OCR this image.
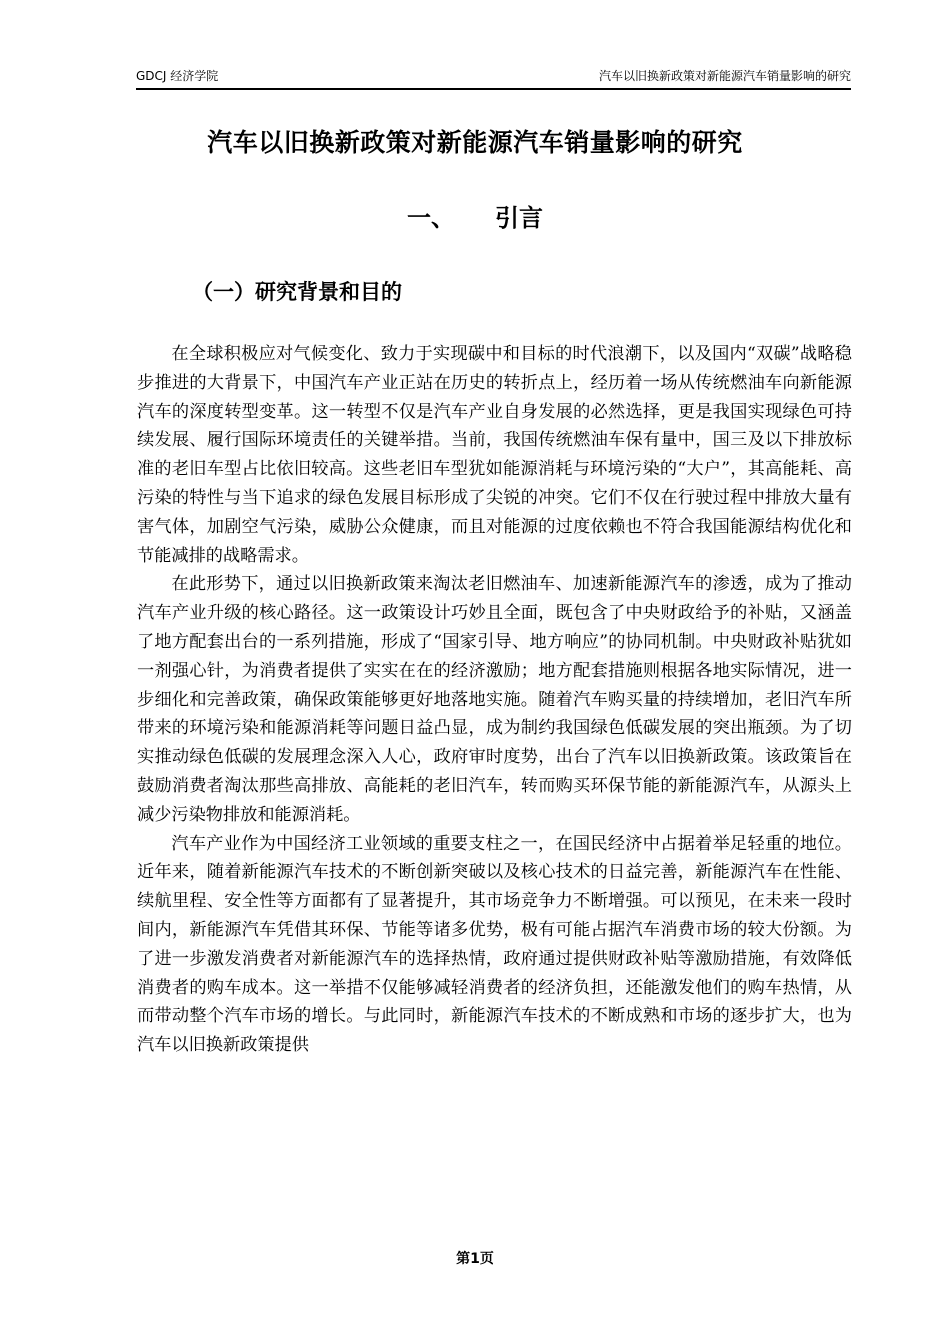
GDCJ 经济学院	汽车以旧换新政策对新能源汽车销量影响的研究
汽车以旧换新政策对新能源汽车销量影响的研究
一、 引言
（一）研究背景和目的

在全球积极应对气候变化、致力于实现碳中和目标的时代浪潮下，以及国内“双碳”战略稳步推进的大背景下，中国汽车产业正站在历史的转折点上，经历着一场从传统燃油车向新能源汽车的深度转型变革。这一转型不仅是汽车产业自身发展的必然选择，更是我国实现绿色可持续发展、履行国际环境责任的关键举措。当前，我国传统燃油车保有量中，国三及以下排放标准的老旧车型占比依旧较高。这些老旧车型犹如能源消耗与环境污染的“大户”，其高能耗、高污染的特性与当下追求的绿色发展目标形成了尖锐的冲突。它们不仅在行驶过程中排放大量有害气体，加剧空气污染，威胁公众健康，而且对能源的过度依赖也不符合我国能源结构优化和节能减排的战略需求。

在此形势下，通过以旧换新政策来淘汰老旧燃油车、加速新能源汽车的渗透，成为了推动汽车产业升级的核心路径。这一政策设计巧妙且全面，既包含了中央财政给予的补贴，又涵盖了地方配套出台的一系列措施，形成了“国家引导、地方响应”的协同机制。中央财政补贴犹如一剂强心针，为消费者提供了实实在在的经济激励；地方配套措施则根据各地实际情况，进一步细化和完善政策，确保政策能够更好地落地实施。随着汽车购买量的持续增加，老旧汽车所带来的环境污染和能源消耗等问题日益凸显，成为制约我国绿色低碳发展的突出瓶颈。为了切实推动绿色低碳的发展理念深入人心，政府审时度势，出台了汽车以旧换新政策。该政策旨在鼓励消费者淘汰那些高排放、高能耗的老旧汽车，转而购买环保节能的新能源汽车，从源头上减少污染物排放和能源消耗。

汽车产业作为中国经济工业领域的重要支柱之一，在国民经济中占据着举足轻重的地位。近年来，随着新能源汽车技术的不断创新突破以及核心技术的日益完善，新能源汽车在性能、续航里程、安全性等方面都有了显著提升，其市场竞争力不断增强。可以预见，在未来一段时间内，新能源汽车凭借其环保、节能等诸多优势，极有可能占据汽车消费市场的较大份额。为了进一步激发消费者对新能源汽车的选择热情，政府通过提供财政补贴等激励措施，有效降低消费者的购车成本。这一举措不仅能够减轻消费者的经济负担，还能激发他们的购车热情，从而带动整个汽车市场的增长。与此同时，新能源汽车技术的不断成熟和市场的逐步扩大，也为汽车以旧换新政策提供

第1页
